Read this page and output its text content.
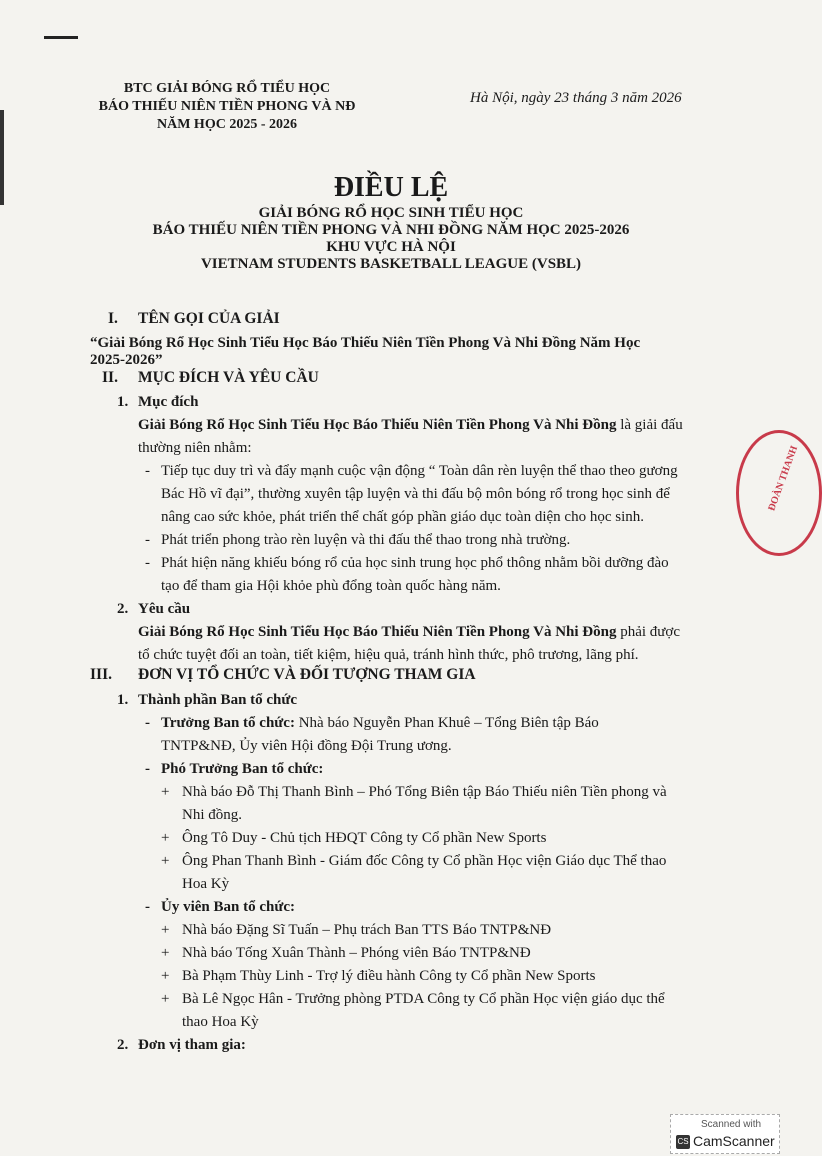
BTC GIẢI BÓNG RỔ TIỂU HỌC
BÁO THIẾU NIÊN TIỀN PHONG VÀ NĐ
NĂM HỌC 2025 - 2026
Hà Nội, ngày 23 tháng 3 năm 2026
ĐIỀU LỆ
GIẢI BÓNG RỔ HỌC SINH TIỂU HỌC
BÁO THIẾU NIÊN TIỀN PHONG VÀ NHI ĐỒNG NĂM HỌC 2025-2026
KHU VỰC HÀ NỘI
VIETNAM STUDENTS BASKETBALL LEAGUE (VSBL)
I. TÊN GỌI CỦA GIẢI
“Giải Bóng Rổ Học Sinh Tiểu Học Báo Thiếu Niên Tiền Phong Và Nhi Đồng Năm Học
2025-2026”
II. MỤC ĐÍCH VÀ YÊU CẦU
1. Mục đích
Giải Bóng Rổ Học Sinh Tiểu Học Báo Thiếu Niên Tiền Phong Và Nhi Đồng là giải đấu
thường niên nhằm:
- Tiếp tục duy trì và đẩy mạnh cuộc vận động “ Toàn dân rèn luyện thể thao theo gương
Bác Hồ vĩ đại”, thường xuyên tập luyện và thi đấu bộ môn bóng rổ trong học sinh để
nâng cao sức khỏe, phát triển thể chất góp phần giáo dục toàn diện cho học sinh.
- Phát triển phong trào rèn luyện và thi đấu thể thao trong nhà trường.
- Phát hiện năng khiếu bóng rổ của học sinh trung học phổ thông nhằm bồi dưỡng đào
tạo để tham gia Hội khỏe phù đổng toàn quốc hàng năm.
2. Yêu cầu
Giải Bóng Rổ Học Sinh Tiểu Học Báo Thiếu Niên Tiền Phong Và Nhi Đồng phải được
tổ chức tuyệt đối an toàn, tiết kiệm, hiệu quả, tránh hình thức, phô trương, lãng phí.
III. ĐƠN VỊ TỔ CHỨC VÀ ĐỐI TƯỢNG THAM GIA
1. Thành phần Ban tổ chức
- Trưởng Ban tổ chức: Nhà báo Nguyễn Phan Khuê – Tổng Biên tập Báo
TNTP&NĐ, Ủy viên Hội đồng Đội Trung ương.
- Phó Trưởng Ban tổ chức:
+ Nhà báo Đỗ Thị Thanh Bình – Phó Tổng Biên tập Báo Thiếu niên Tiền phong và
Nhi đồng.
+ Ông Tô Duy - Chủ tịch HĐQT Công ty Cổ phần New Sports
+ Ông Phan Thanh Bình - Giám đốc Công ty Cổ phần Học viện Giáo dục Thể thao
Hoa Kỳ
- Ủy viên Ban tổ chức:
+ Nhà báo Đặng Sĩ Tuấn – Phụ trách Ban TTS Báo TNTP&NĐ
+ Nhà báo Tống Xuân Thành – Phóng viên Báo TNTP&NĐ
+ Bà Phạm Thùy Linh - Trợ lý điều hành Công ty Cổ phần New Sports
+ Bà Lê Ngọc Hân - Trưởng phòng PTDA Công ty Cổ phần Học viện giáo dục thể
thao Hoa Kỳ
2. Đơn vị tham gia:
ĐOÀN THANH
Scanned with
CS CamScanner
